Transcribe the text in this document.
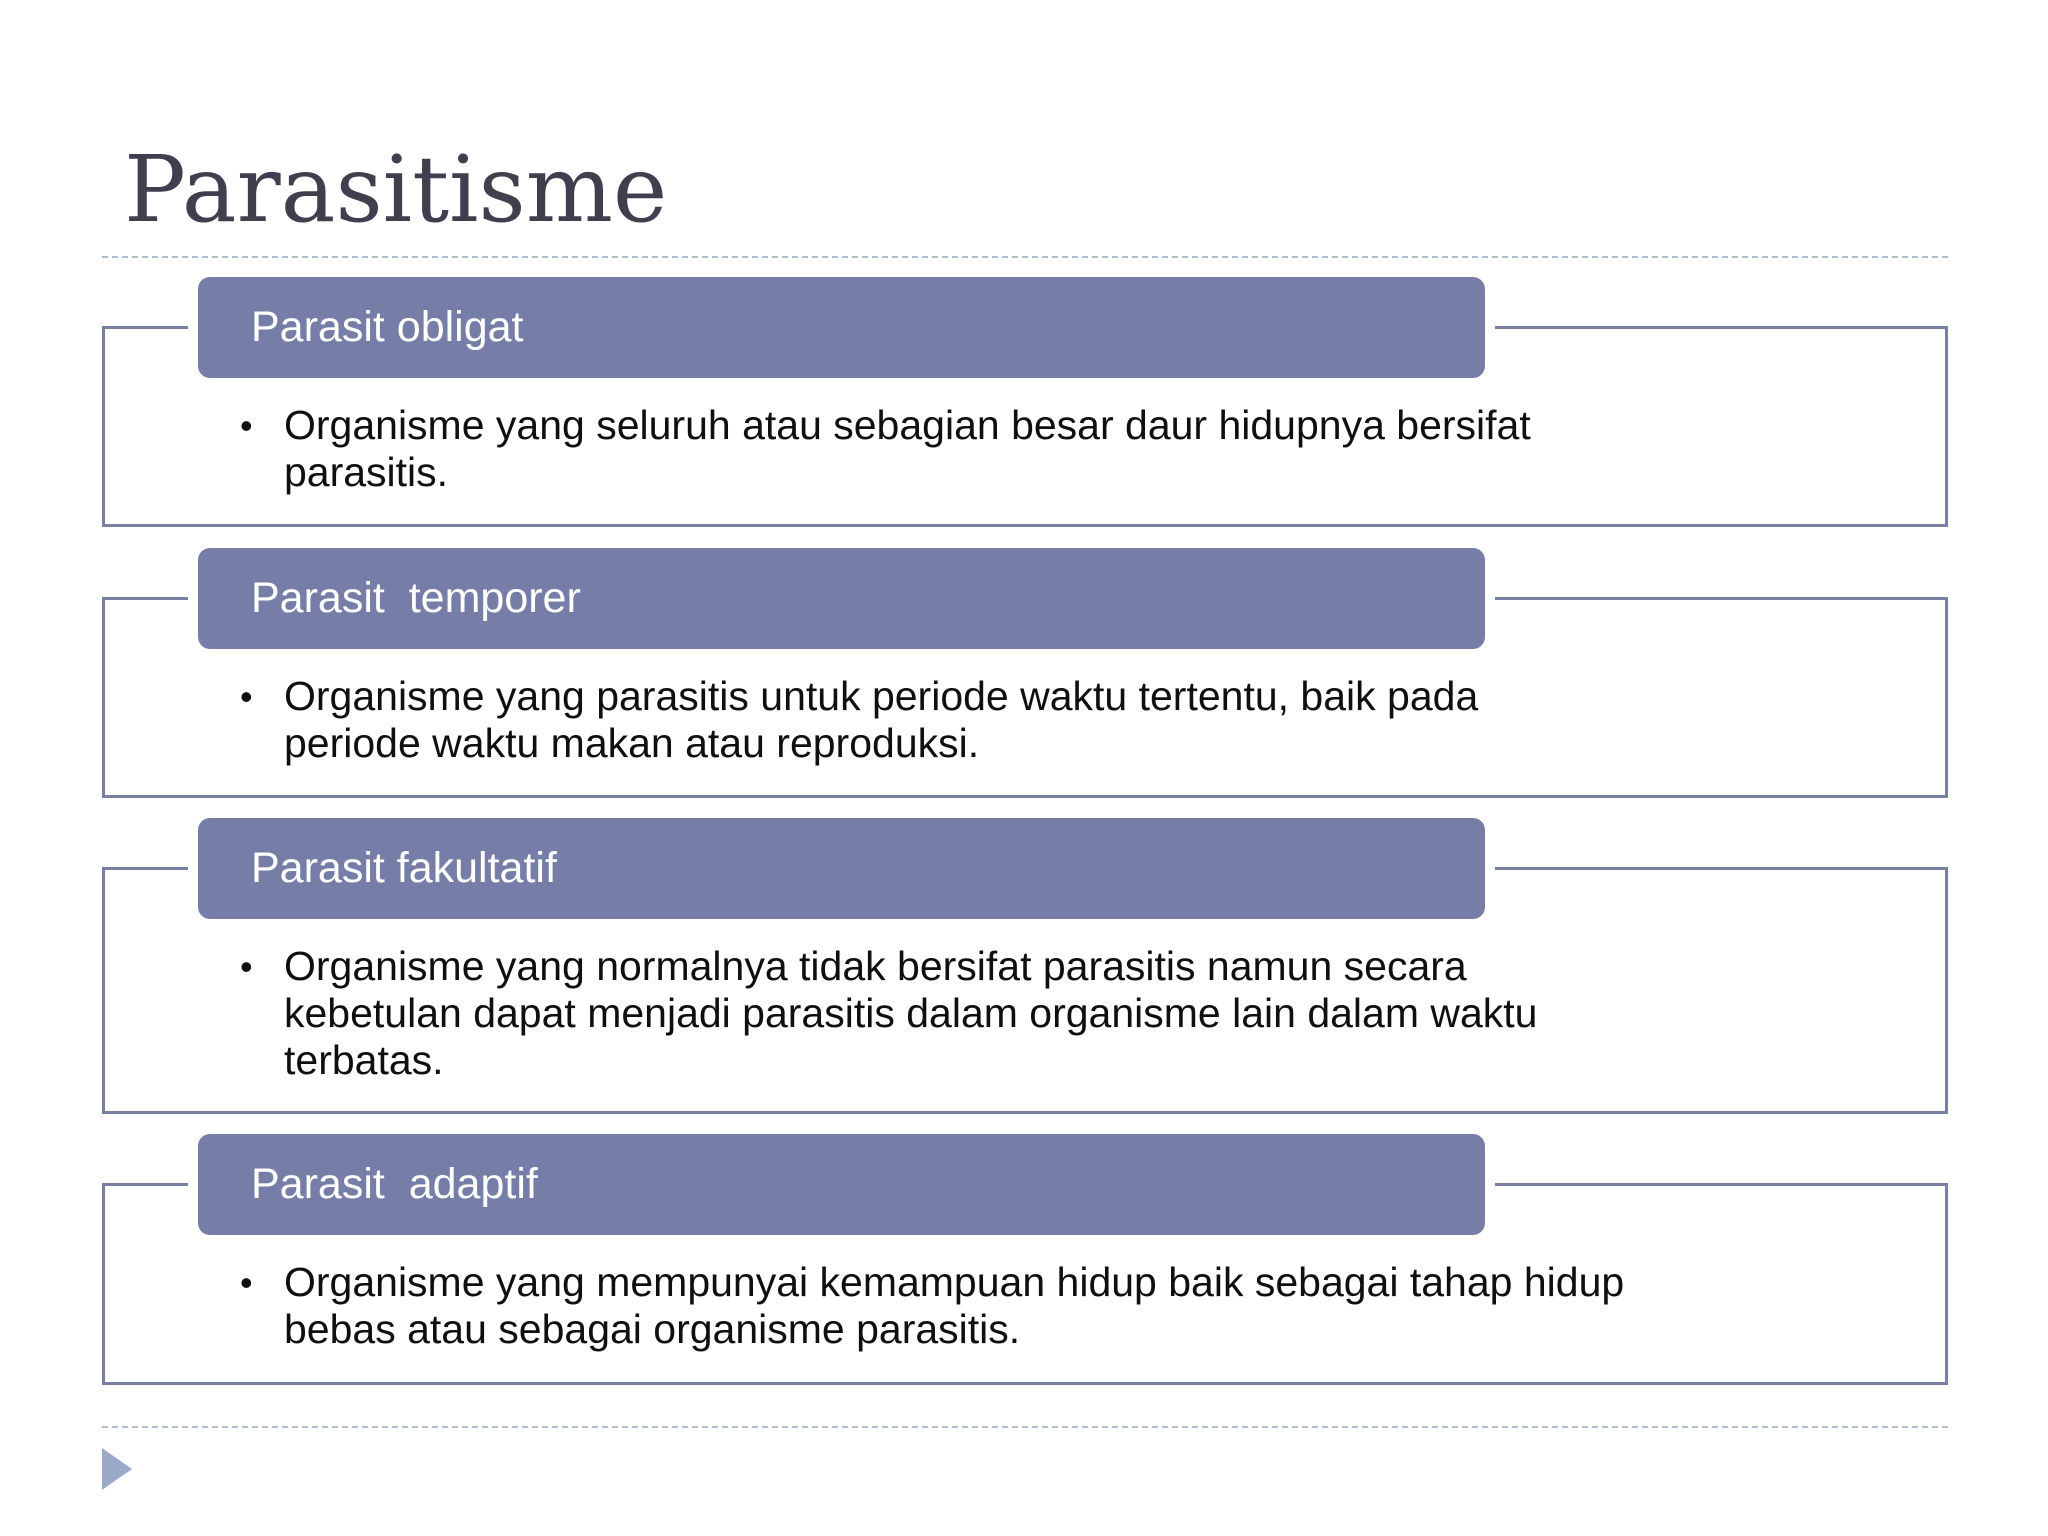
Parasitisme
Parasit obligat
• Organisme yang seluruh atau sebagian besar daur hidupnya bersifat
parasitis.
Parasit  temporer
• Organisme yang parasitis untuk periode waktu tertentu, baik pada
periode waktu makan atau reproduksi.
Parasit fakultatif
• Organisme yang normalnya tidak bersifat parasitis namun secara
kebetulan dapat menjadi parasitis dalam organisme lain dalam waktu
terbatas.
Parasit  adaptif
• Organisme yang mempunyai kemampuan hidup baik sebagai tahap hidup
bebas atau sebagai organisme parasitis.
